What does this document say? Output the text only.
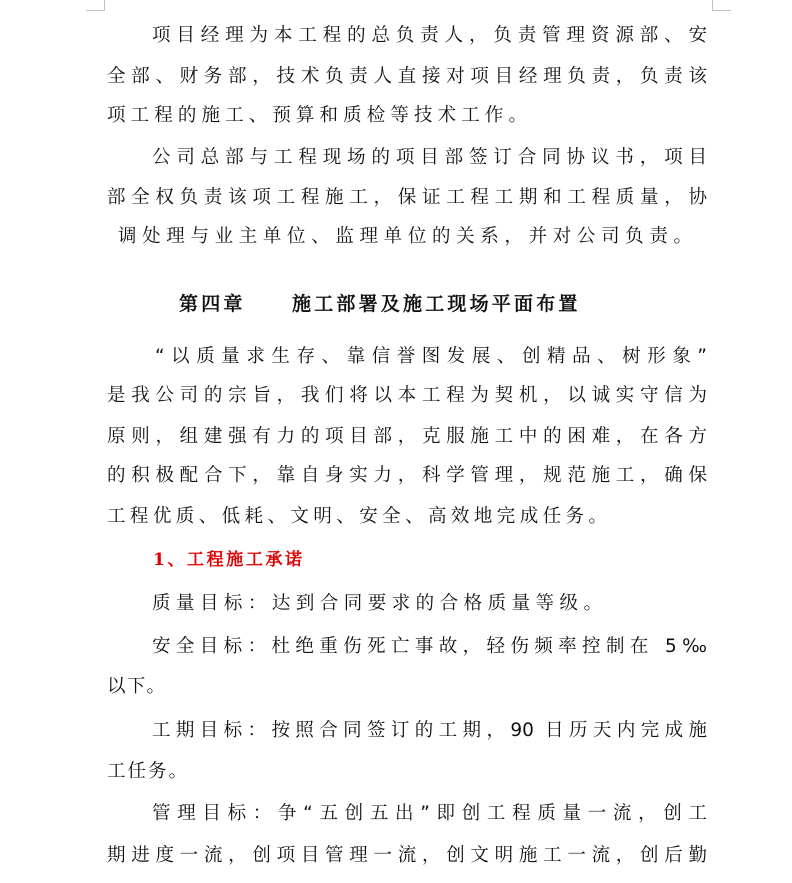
项目经理为本工程的总负责人，负责管理资源部、安
全部、财务部，技术负责人直接对项目经理负责，负责该
项工程的施工、预算和质检等技术工作。
公司总部与工程现场的项目部签订合同协议书，项目
部全权负责该项工程施工，保证工程工期和工程质量，协
调处理与业主单位、监理单位的关系，并对公司负责。
第四章 施工部署及施工现场平面布置
“以质量求生存、靠信誉图发展、创精品、树形象”
是我公司的宗旨，我们将以本工程为契机，以诚实守信为
原则，组建强有力的项目部，克服施工中的困难，在各方
的积极配合下，靠自身实力，科学管理，规范施工，确保
工程优质、低耗、文明、安全、高效地完成任务。
1、工程施工承诺
质量目标：达到合同要求的合格质量等级。
安全目标：杜绝重伤死亡事故，轻伤频率控制在 5‰
以下。
工期目标：按照合同签订的工期，90 日历天内完成施
工任务。
管理目标：争“五创五出”即创工程质量一流，创工
期进度一流，创项目管理一流，创文明施工一流，创后勤
